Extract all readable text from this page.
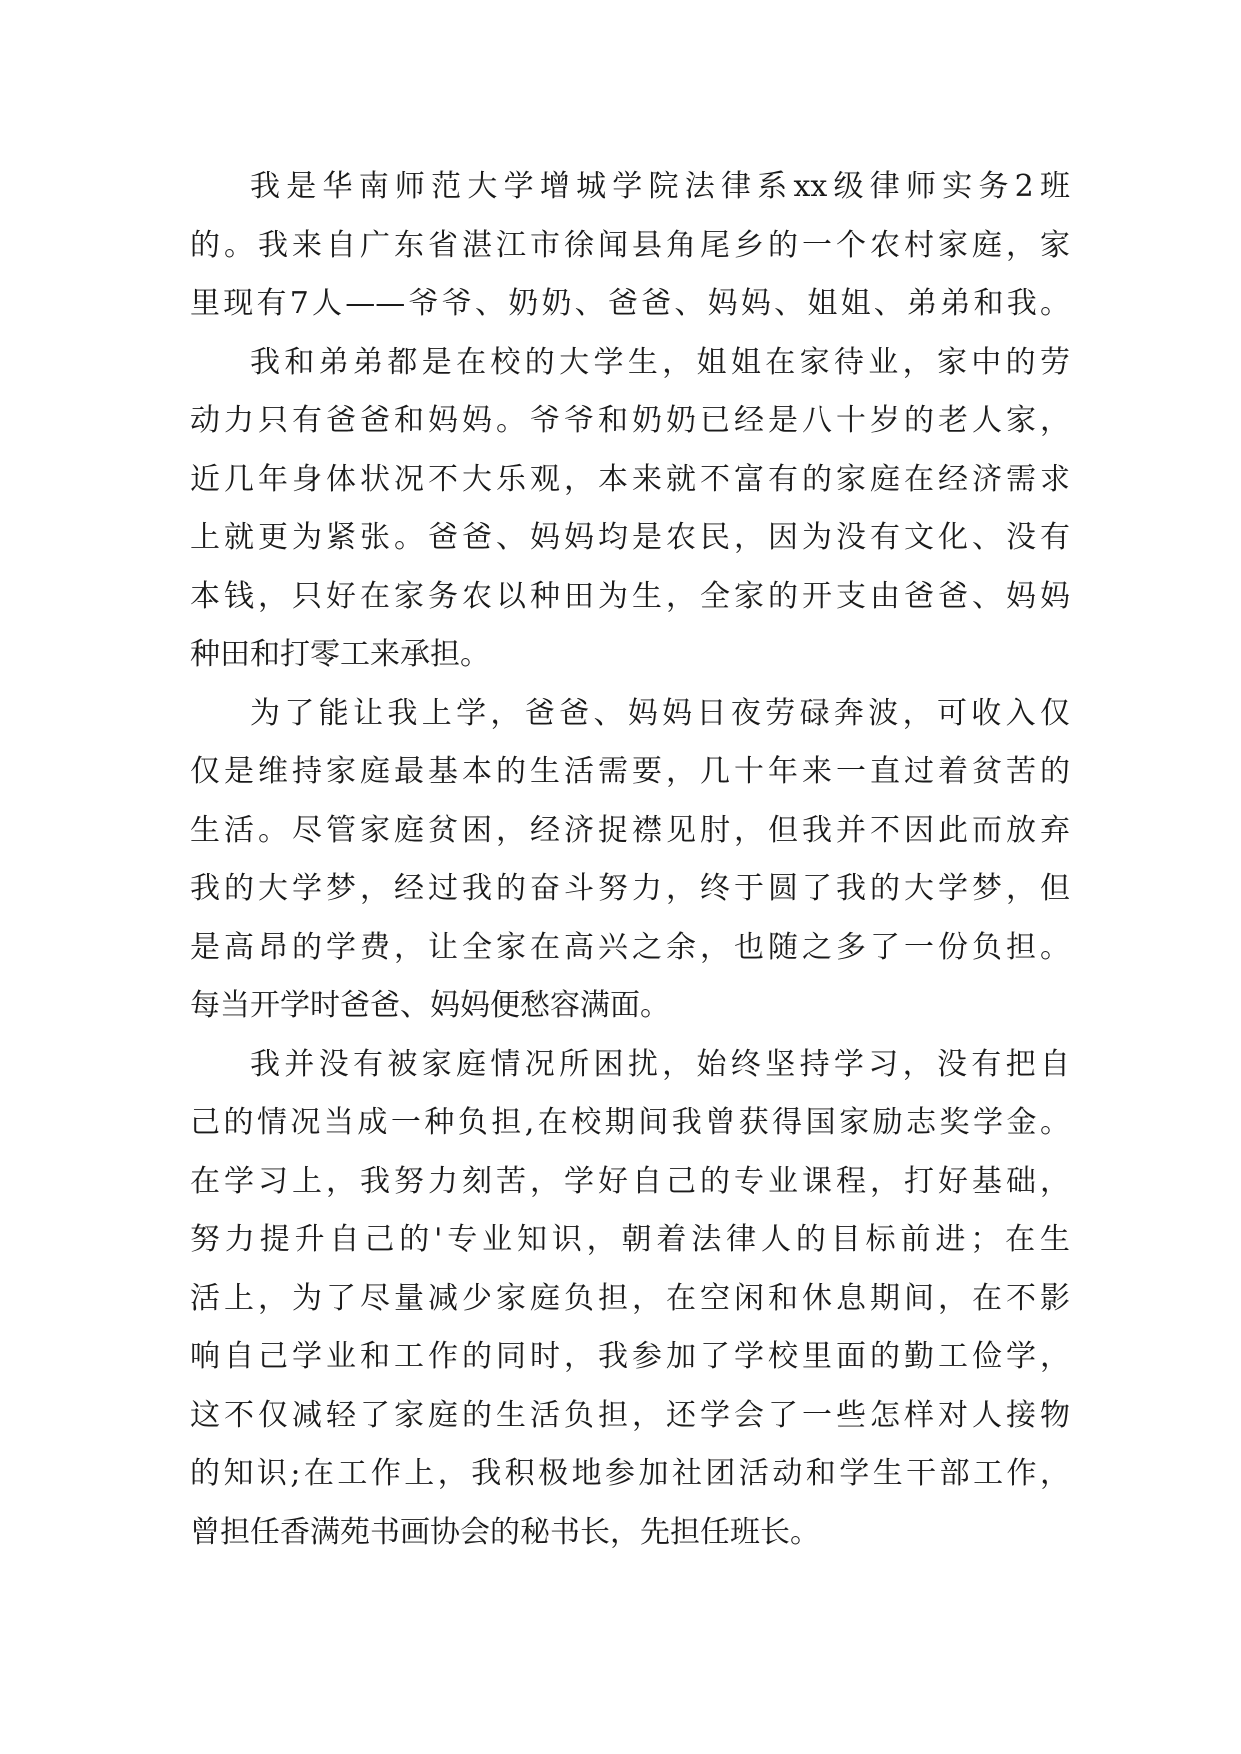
我是华南师范大学增城学院法律系xx级律师实务2班
的。我来自广东省湛江市徐闻县角尾乡的一个农村家庭，家
里现有7人——爷爷、奶奶、爸爸、妈妈、姐姐、弟弟和我。
我和弟弟都是在校的大学生，姐姐在家待业，家中的劳
动力只有爸爸和妈妈。爷爷和奶奶已经是八十岁的老人家，
近几年身体状况不大乐观，本来就不富有的家庭在经济需求
上就更为紧张。爸爸、妈妈均是农民，因为没有文化、没有
本钱，只好在家务农以种田为生，全家的开支由爸爸、妈妈
种田和打零工来承担。
为了能让我上学，爸爸、妈妈日夜劳碌奔波，可收入仅
仅是维持家庭最基本的生活需要，几十年来一直过着贫苦的
生活。尽管家庭贫困，经济捉襟见肘，但我并不因此而放弃
我的大学梦，经过我的奋斗努力，终于圆了我的大学梦，但
是高昂的学费，让全家在高兴之余，也随之多了一份负担。
每当开学时爸爸、妈妈便愁容满面。
我并没有被家庭情况所困扰，始终坚持学习，没有把自
己的情况当成一种负担,在校期间我曾获得国家励志奖学金。
在学习上，我努力刻苦，学好自己的专业课程，打好基础，
努力提升自己的'专业知识，朝着法律人的目标前进；在生
活上，为了尽量减少家庭负担，在空闲和休息期间，在不影
响自己学业和工作的同时，我参加了学校里面的勤工俭学，
这不仅减轻了家庭的生活负担，还学会了一些怎样对人接物
的知识;在工作上，我积极地参加社团活动和学生干部工作，
曾担任香满苑书画协会的秘书长，先担任班长。
